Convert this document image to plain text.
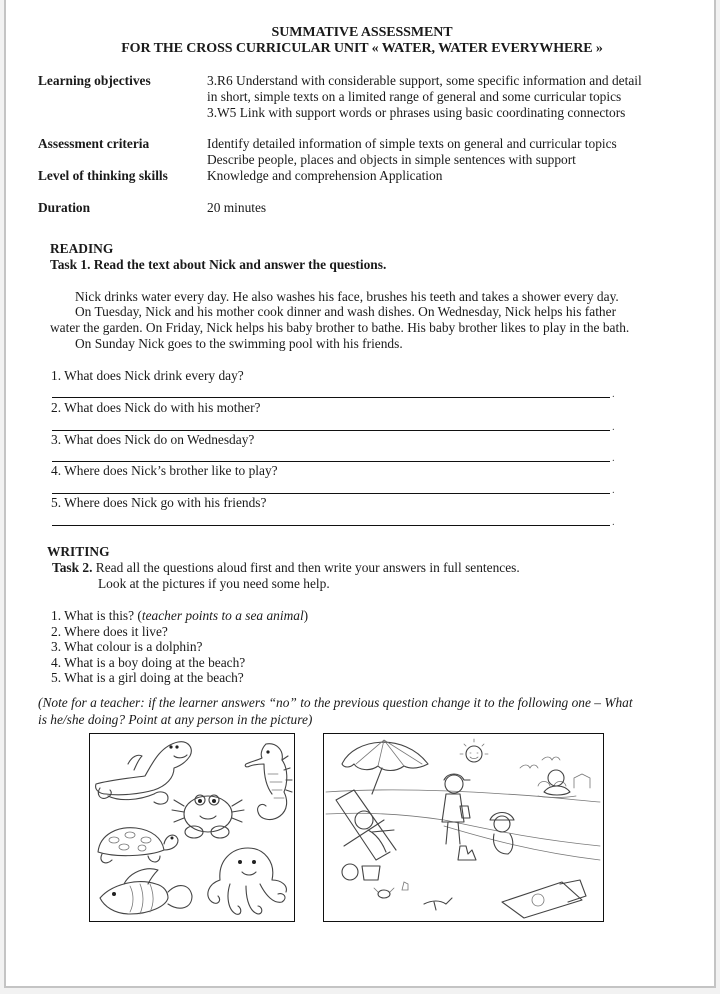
SUMMATIVE ASSESSMENT
FOR THE CROSS CURRICULAR UNIT « WATER, WATER EVERYWHERE »
Learning objectives	3.R6 Understand with considerable support, some specific information and detail
in short, simple texts on a limited range of general and some curricular topics
3.W5 Link with support words or phrases using basic coordinating connectors
Assessment criteria	Identify detailed information of simple texts on general and curricular topics
Describe people, places and objects in simple sentences with support
Level of thinking skills	Knowledge and comprehension Application
Duration	20 minutes
READING
Task 1. Read the text about Nick and answer the questions.
Nick drinks water every day. He also washes his face, brushes his teeth and takes a shower every day.
On Tuesday, Nick and his mother cook dinner and wash dishes. On Wednesday, Nick helps his father
water the garden. On Friday, Nick helps his baby brother to bathe. His baby brother likes to play in the bath.
On Sunday Nick goes to the swimming pool with his friends.
1. What does Nick drink every day?
.
2. What does Nick do with his mother?
.
3. What does Nick do on Wednesday?
.
4. Where does Nick’s brother like to play?
.
5. Where does Nick go with his friends?
.
WRITING
Task 2. Read all the questions aloud first and then write your answers in full sentences.
Look at the pictures if you need some help.
1. What is this? (teacher points to a sea animal)
2. Where does it live?
3. What colour is a dolphin?
4. What is a boy doing at the beach?
5. What is a girl doing at the beach?
(Note for a teacher: if the learner answers “no” to the previous question change it to the following one – What
is he/she doing? Point at any person in the picture)
